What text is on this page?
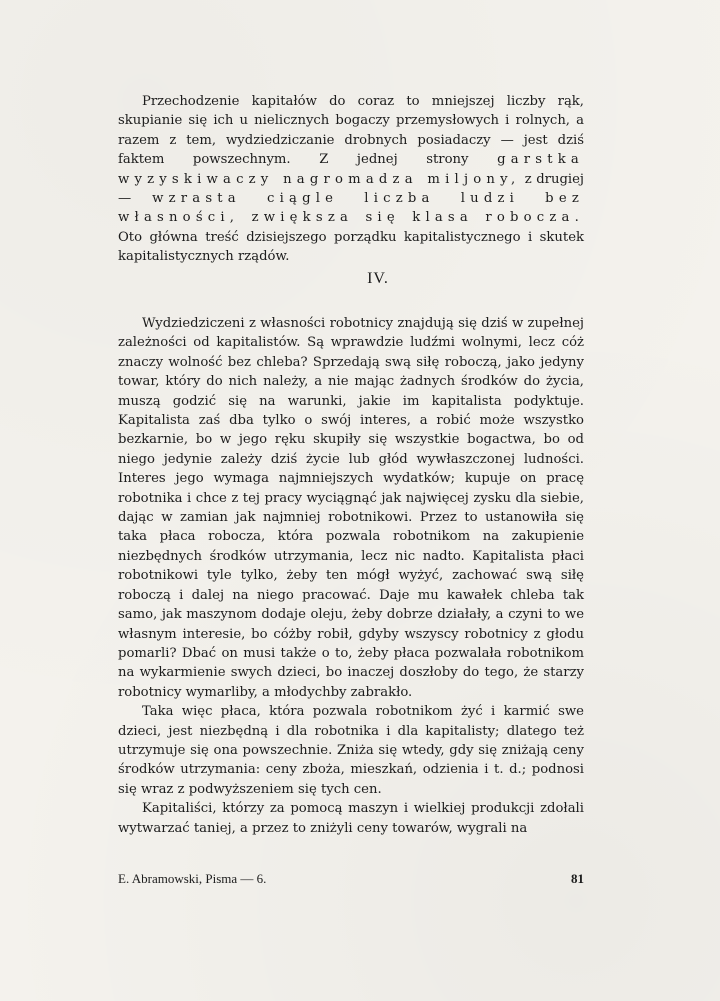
Przechodzenie kapitałów do coraz to mniejszej liczby rąk, skupianie się ich u nielicznych bogaczy przemysłowych i rolnych, a razem z tem, wydziedziczanie drobnych posiadaczy — jest dziś faktem powszechnym. Z jednej strony garstka wyzyskiwaczy nagromadza miljony, z drugiej — wzrasta ciągle liczba ludzi bez własności, zwiększa się klasa robocza. Oto główna treść dzisiejszego porządku kapitalistycznego i skutek kapitalistycznych rządów.

IV.

Wydziedziczeni z własności robotnicy znajdują się dziś w zupełnej zależności od kapitalistów. Są wprawdzie ludźmi wolnymi, lecz cóż znaczy wolność bez chleba? Sprzedają swą siłę roboczą, jako jedyny towar, który do nich należy, a nie mając żadnych środków do życia, muszą godzić się na warunki, jakie im kapitalista podyktuje. Kapitalista zaś dba tylko o swój interes, a robić może wszystko bezkarnie, bo w jego ręku skupiły się wszystkie bogactwa, bo od niego jedynie zależy dziś życie lub głód wywłaszczonej ludności. Interes jego wymaga najmniejszych wydatków; kupuje on pracę robotnika i chce z tej pracy wyciągnąć jak najwięcej zysku dla siebie, dając w zamian jak najmniej robotnikowi. Przez to ustanowiła się taka płaca robocza, która pozwala robotnikom na zakupienie niezbędnych środków utrzymania, lecz nic nadto. Kapitalista płaci robotnikowi tyle tylko, żeby ten mógł wyżyć, zachować swą siłę roboczą i dalej na niego pracować. Daje mu kawałek chleba tak samo, jak maszynom dodaje oleju, żeby dobrze działały, a czyni to we własnym interesie, bo cóżby robił, gdyby wszyscy robotnicy z głodu pomarli? Dbać on musi także o to, żeby płaca pozwalała robotnikom na wykarmienie swych dzieci, bo inaczej doszłoby do tego, że starzy robotnicy wymarliby, a młodychby zabrakło.

Taka więc płaca, która pozwala robotnikom żyć i karmić swe dzieci, jest niezbędną i dla robotnika i dla kapitalisty; dlatego też utrzymuje się ona powszechnie. Zniża się wtedy, gdy się zniżają ceny środków utrzymania: ceny zboża, mieszkań, odzienia i t. d.; podnosi się wraz z podwyższeniem się tych cen.

Kapitaliści, którzy za pomocą maszyn i wielkiej produkcji zdołali wytwarzać taniej, a przez to zniżyli ceny towarów, wygrali na

E. Abramowski, Pisma — 6.	81
